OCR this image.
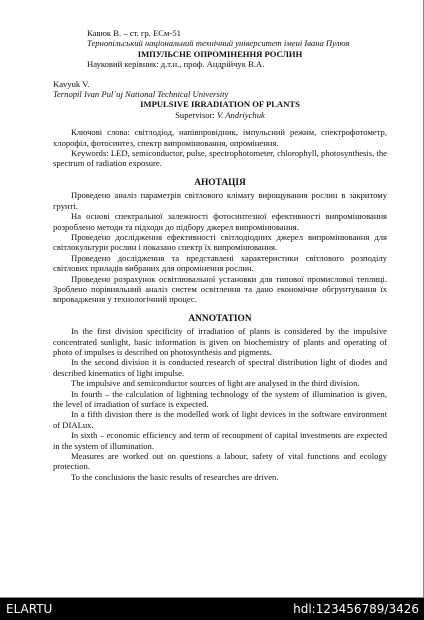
Кавюк В. – ст. гр. ЕСм-51
Тернопільський національний технічний університет імені Івана Пулюя
ІМПУЛЬСНЕ ОПРОМІНЕННЯ РОСЛИН
Науковий керівник: д.т.н., проф. Андрійчук В.А.
Kavyuk V.
Ternopil Ivan Pul`uj National Technical University
IMPULSIVE IRRADIATION OF PLANTS
Supervisor: V. Andriychuk
Ключові слова: світлодіод, напівпровідник, імпульсний режим, спектрофотометр, хлорофіл, фотосинтез, спектр випромінювання, опромінення.
Keywords: LED, semiconductor, pulse, spectrophotometer, chlorophyll, photosynthesis, the spectrum of radiation exposure.
АНОТАЦІЯ
Проведено аналіз параметрів світлового клімату вирощування рослин в закритому грунті.
На основі спектральної залежності фотосинтезної ефективності випромінювання розроблено методи та підходи до підбору джерел випромінювання.
Проведено дослідження ефективності світлодіодних джерел випромінювання для світлокультури рослин і показано спектр їх випромінювання.
Проведено дослідження та представлені характеристики світлового розподілу світлових приладів вибраних для опромінення рослин.
Проведено розрахунок освітлювальної установки для типової промислової теплиці. Зроблено порівняльний аналіз систем освітлення та дано економічне обгрунтування їх впровадження у технологічний процес.
ANNOTATION
In the first division specificity of irradiation of plants is considered by the impulsive concentrated sunlight, basic information is given on biochemistry of plants and operating of photo of impulses is described on photosynthesis and pigments.
In the second division it is conducted research of spectral distribution light of diodes and described kinematics of light impulse.
The impulsive and semiconductor sources of light are analysed in the third division.
In fourth – the calculation of lightning technology of the system of illumination is given, the level of irradiation of surface is expected.
In a fifth division there is the modelled work of light devices in the software environment of DIALux.
In sixth – economic efficiency and term of recoupment of capital investments are expected in the system of illumination.
Measures are worked out on questions a labour, safety of vital functions and ecology protection.
To the conclusions the basic results of researches are driven.
ELARTU	hdl:123456789/3426
